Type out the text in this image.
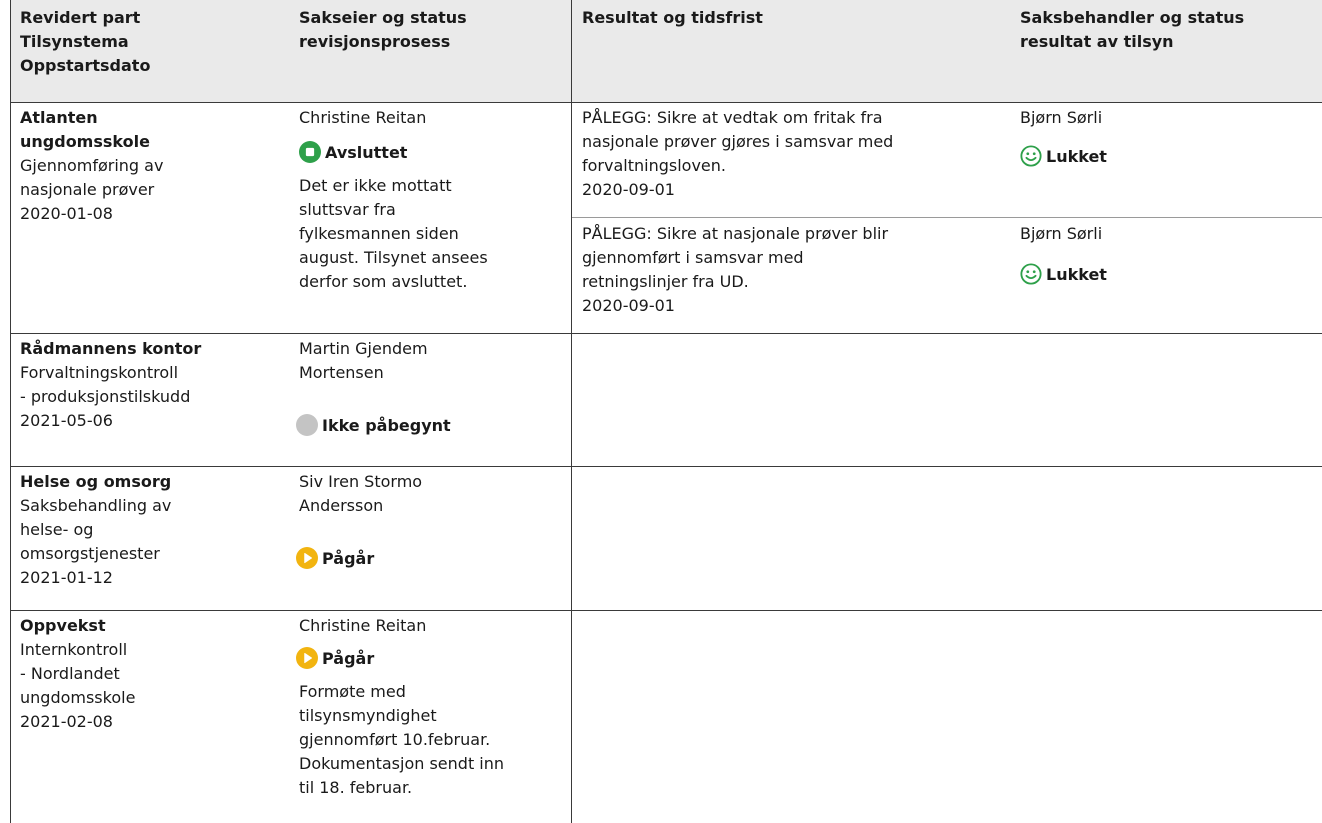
Revidert part
Tilsynstema
Oppstartsdato
Sakseier og status
revisjonsprosess
Resultat og tidsfrist	Saksbehandler og status
resultat av tilsyn
Atlanten
ungdomsskole
Gjennomføring av
nasjonale prøver
2020-01-08
Christine Reitan
Avsluttet
Det er ikke mottatt
sluttsvar fra
fylkesmannen siden
august. Tilsynet ansees
derfor som avsluttet.
PÅLEGG: Sikre at vedtak om fritak fra
nasjonale prøver gjøres i samsvar med
forvaltningsloven.
2020-09-01
Bjørn Sørli
Lukket
PÅLEGG: Sikre at nasjonale prøver blir
gjennomført i samsvar med
retningslinjer fra UD.
2020-09-01
Bjørn Sørli
Lukket
Rådmannens kontor
Forvaltningskontroll
- produksjonstilskudd
2021-05-06
Martin Gjendem
Mortensen
Ikke påbegynt
Helse og omsorg
Saksbehandling av
helse- og
omsorgstjenester
2021-01-12
Siv Iren Stormo
Andersson
Pågår
Oppvekst
Internkontroll
- Nordlandet
ungdomsskole
2021-02-08
Christine Reitan
Pågår
Formøte med
tilsynsmyndighet
gjennomført 10.februar.
Dokumentasjon sendt inn
til 18. februar.
